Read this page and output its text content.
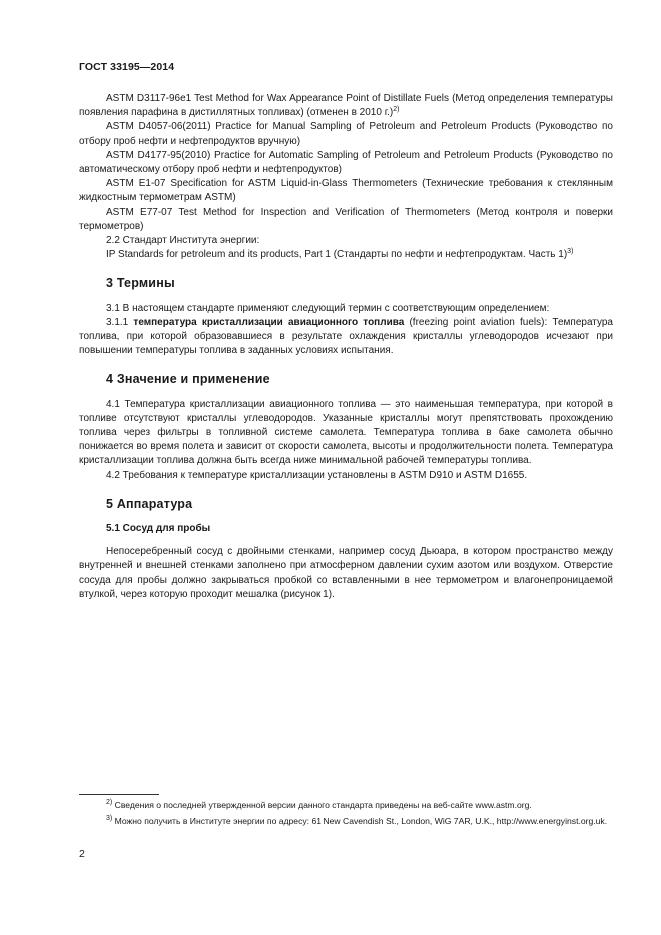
ГОСТ 33195—2014

ASTM D3117-96e1 Test Method for Wax Appearance Point of Distillate Fuels (Метод определения температуры появления парафина в дистиллятных топливах) (отменен в 2010 г.)$^{2)}$

ASTM D4057-06(2011) Practice for Manual Sampling of Petroleum and Petroleum Products (Руководство по отбору проб нефти и нефтепродуктов вручную)

ASTM D4177-95(2010) Practice for Automatic Sampling of Petroleum and Petroleum Products (Руководство по автоматическому отбору проб нефти и нефтепродуктов)

ASTM E1-07 Specification for ASTM Liquid-in-Glass Thermometers (Технические требования к стеклянным жидкостным термометрам ASTM)

ASTM E77-07 Test Method for Inspection and Verification of Thermometers (Метод контроля и поверки термометров)

2.2 Стандарт Института энергии:

IP Standards for petroleum and its products, Part 1 (Стандарты по нефти и нефтепродуктам. Часть 1)$^{3)}$

3 Термины

3.1 В настоящем стандарте применяют следующий термин с соответствующим определением:

3.1.1 температура кристаллизации авиационного топлива (freezing point aviation fuels): Температура топлива, при которой образовавшиеся в результате охлаждения кристаллы углеводородов исчезают при повышении температуры топлива в заданных условиях испытания.

4 Значение и применение

4.1 Температура кристаллизации авиационного топлива — это наименьшая температура, при которой в топливе отсутствуют кристаллы углеводородов. Указанные кристаллы могут препятствовать прохождению топлива через фильтры в топливной системе самолета. Температура топлива в баке самолета обычно понижается во время полета и зависит от скорости самолета, высоты и продолжительности полета. Температура кристаллизации топлива должна быть всегда ниже минимальной рабочей температуры топлива.

4.2 Требования к температуре кристаллизации установлены в ASTM D910 и ASTM D1655.

5 Аппаратура
5.1 Сосуд для пробы

Непосеребренный сосуд с двойными стенками, например сосуд Дьюара, в котором пространство между внутренней и внешней стенками заполнено при атмосферном давлении сухим азотом или воздухом. Отверстие сосуда для пробы должно закрываться пробкой со вставленными в нее термометром и влагонепроницаемой втулкой, через которую проходит мешалка (рисунок 1).

$^{2)}$ Сведения о последней утвержденной версии данного стандарта приведены на веб-сайте www.astm.org.

$^{3)}$ Можно получить в Институте энергии по адресу: 61 New Cavendish St., London, WiG 7AR, U.K., http://www.energyinst.org.uk.

2
